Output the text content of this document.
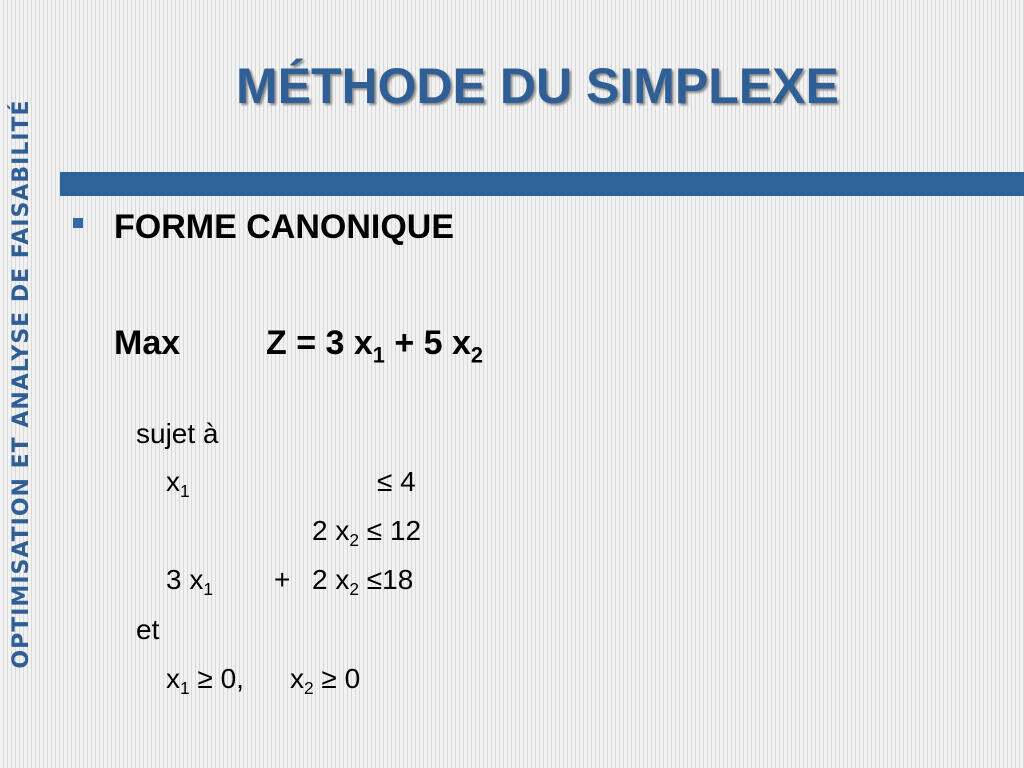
OPTIMISATION ET ANALYSE DE FAISABILITÉ
MÉTHODE DU SIMPLEXE
FORME CANONIQUE
Max	Z = 3 $x_1 + 5$ $x_2$
sujet à
$x_1$	≤ 4
2 $x_2 \le 12$
3 $x_1 + 2$ $x_2 \le 18$
et
$x_1 \ge 0$, $x_2 \ge 0$
